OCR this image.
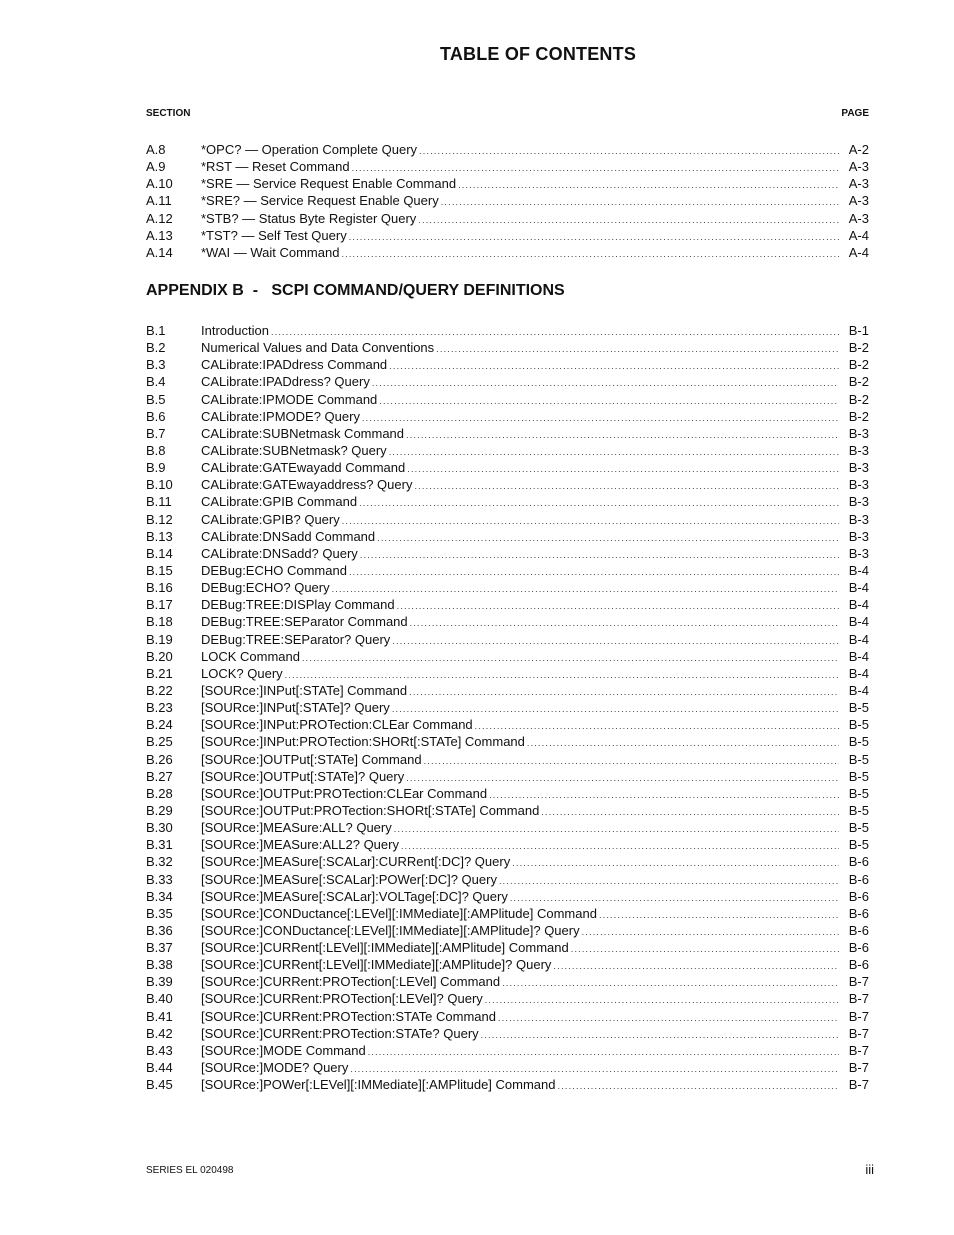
TABLE OF CONTENTS
SECTION	PAGE
A.8	*OPC? — Operation Complete Query .....	A-2
A.9	*RST — Reset Command .....	A-3
A.10	*SRE — Service Request Enable Command .....	A-3
A.11	*SRE? — Service Request Enable Query .....	A-3
A.12	*STB? — Status Byte Register Query .....	A-3
A.13	*TST? — Self Test Query .....	A-4
A.14	*WAI — Wait Command .....	A-4
APPENDIX B  -   SCPI COMMAND/QUERY DEFINITIONS
B.1	Introduction .....	B-1
B.2	Numerical Values and Data Conventions .....	B-2
B.3	CALibrate:IPADdress Command .....	B-2
B.4	CALibrate:IPADdress? Query .....	B-2
B.5	CALibrate:IPMODE Command .....	B-2
B.6	CALibrate:IPMODE? Query .....	B-2
B.7	CALibrate:SUBNetmask Command .....	B-3
B.8	CALibrate:SUBNetmask? Query .....	B-3
B.9	CALibrate:GATEwayadd Command .....	B-3
B.10	CALibrate:GATEwayaddress? Query .....	B-3
B.11	CALibrate:GPIB Command .....	B-3
B.12	CALibrate:GPIB? Query .....	B-3
B.13	CALibrate:DNSadd Command .....	B-3
B.14	CALibrate:DNSadd? Query .....	B-3
B.15	DEBug:ECHO Command .....	B-4
B.16	DEBug:ECHO? Query .....	B-4
B.17	DEBug:TREE:DISPlay Command .....	B-4
B.18	DEBug:TREE:SEParator Command .....	B-4
B.19	DEBug:TREE:SEParator? Query .....	B-4
B.20	LOCK Command .....	B-4
B.21	LOCK? Query .....	B-4
B.22	[SOURce:]INPut[:STATe] Command .....	B-4
B.23	[SOURce:]INPut[:STATe]? Query .....	B-5
B.24	[SOURce:]INPut:PROTection:CLEar Command .....	B-5
B.25	[SOURce:]INPut:PROTection:SHORt[:STATe] Command .....	B-5
B.26	[SOURce:]OUTPut[:STATe] Command .....	B-5
B.27	[SOURce:]OUTPut[:STATe]? Query .....	B-5
B.28	[SOURce:]OUTPut:PROTection:CLEar Command .....	B-5
B.29	[SOURce:]OUTPut:PROTection:SHORt[:STATe] Command .....	B-5
B.30	[SOURce:]MEASure:ALL? Query .....	B-5
B.31	[SOURce:]MEASure:ALL2? Query .....	B-5
B.32	[SOURce:]MEASure[:SCALar]:CURRent[:DC]? Query .....	B-6
B.33	[SOURce:]MEASure[:SCALar]:POWer[:DC]? Query .....	B-6
B.34	[SOURce:]MEASure[:SCALar]:VOLTage[:DC]? Query .....	B-6
B.35	[SOURce:]CONDuctance[:LEVel][:IMMediate][:AMPlitude] Command .....	B-6
B.36	[SOURce:]CONDuctance[:LEVel][:IMMediate][:AMPlitude]? Query .....	B-6
B.37	[SOURce:]CURRent[:LEVel][:IMMediate][:AMPlitude] Command .....	B-6
B.38	[SOURce:]CURRent[:LEVel][:IMMediate][:AMPlitude]? Query .....	B-6
B.39	[SOURce:]CURRent:PROTection[:LEVel] Command .....	B-7
B.40	[SOURce:]CURRent:PROTection[:LEVel]? Query .....	B-7
B.41	[SOURce:]CURRent:PROTection:STATe Command .....	B-7
B.42	[SOURce:]CURRent:PROTection:STATe? Query .....	B-7
B.43	[SOURce:]MODE Command .....	B-7
B.44	[SOURce:]MODE? Query .....	B-7
B.45	[SOURce:]POWer[:LEVel][:IMMediate][:AMPlitude] Command .....	B-7
SERIES EL 020498	iii
